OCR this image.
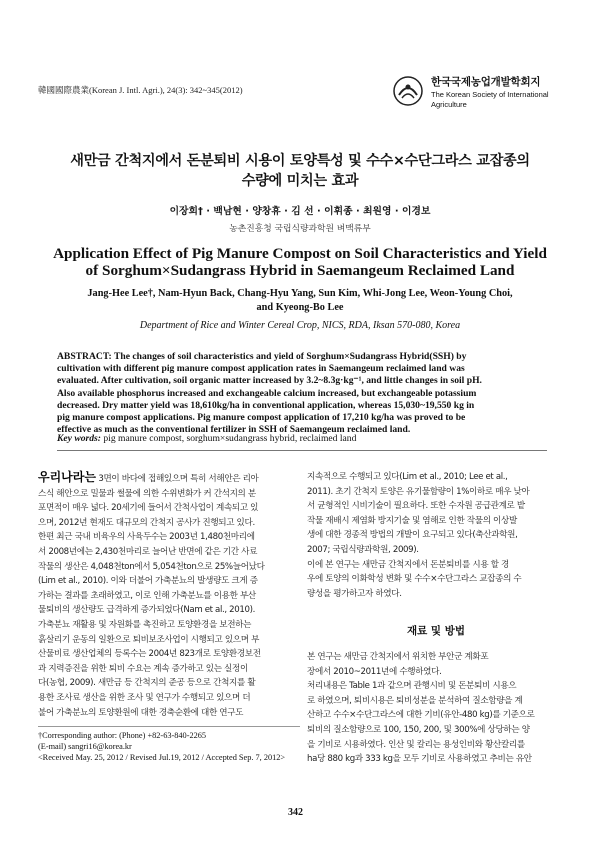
韓國國際農業(Korean J. Intl. Agri.), 24(3): 342~345(2012)
한국국제농업개발학회지
The Korean Society of International
Agriculture
새만금 간척지에서 돈분퇴비 시용이 토양특성 및 수수×수단그라스 교잡종의
수량에 미치는 효과
이장희† · 백남현 · 양창휴 · 김 선 · 이휘종 · 최원영 · 이경보
농촌진흥청 국립식량과학원 벼맥류부
Application Effect of Pig Manure Compost on Soil Characteristics and Yield
of Sorghum×Sudangrass Hybrid in Saemangeum Reclaimed Land
Jang-Hee Lee†, Nam-Hyun Back, Chang-Hyu Yang, Sun Kim, Whi-Jong Lee, Weon-Young Choi,
and Kyeong-Bo Lee
Department of Rice and Winter Cereal Crop, NICS, RDA, Iksan 570-080, Korea
ABSTRACT: The changes of soil characteristics and yield of Sorghum×Sudangrass Hybrid(SSH) by
cultivation with different pig manure compost application rates in Saemangeum reclaimed land was
evaluated. After cultivation, soil organic matter increased by 3.2~8.3g·kg⁻¹, and little changes in soil pH.
Also available phosphorus increased and exchangeable calcium increased, but exchangeable potassium
decreased. Dry matter yield was 18,610kg/ha in conventional application, whereas 15,030~19,550 kg in
pig manure compost applications. Pig manure compost application of 17,210 kg/ha was proved to be
effective as much as the conventional fertilizer in SSH of Saemangeum reclaimed land.
Key words: pig manure compost, sorghum×sudangrass hybrid, reclaimed land
우리나라는 3면이 바다에 접해있으며 특히 서해안은 리아
스식 해안으로 밀물과 썰물에 의한 수위변화가 커 간석지의 분
포면적이 매우 넓다. 20세기에 들어서 간척사업이 계속되고 있
으며, 2012년 현재도 대규모의 간척지 공사가 진행되고 있다.
한편 최근 국내 비육우의 사육두수는 2003년 1,480천마리에
서 2008년에는 2,430천마리로 늘어난 반면에 같은 기간 사료
작물의 생산은 4,048천ton에서 5,054천ton으로 25%늘어났다
(Lim et al., 2010). 이와 더불어 가축분뇨의 발생량도 크게 증
가하는 결과를 초래하였고, 이로 인해 가축분뇨를 이용한 부산
물퇴비의 생산량도 급격하게 증가되었다(Nam et al., 2010).
가축분뇨 재활용 및 자원화를 촉진하고 토양환경을 보전하는
흙살리기 운동의 일환으로 퇴비보조사업이 시행되고 있으며 부
산물비료 생산업체의 등록수는 2004년 823개로 토양환경보전
과 지력증진을 위한 퇴비 수요는 계속 증가하고 있는 실정이
다(농협, 2009). 새만금 등 간척지의 준공 등으로 간척지를 활
용한 조사료 생산을 위한 조사 및 연구가 수행되고 있으며 더
불어 가축분뇨의 토양환원에 대한 경축순환에 대한 연구도
†Corresponding author: (Phone) +82-63-840-2265
(E-mail) sangri16@korea.kr
<Received May. 25, 2012 / Revised Jul.19, 2012 / Accepted Sep. 7, 2012>
지속적으로 수행되고 있다(Lim et al., 2010; Lee et al.,
2011). 초기 간척지 토양은 유기물함량이 1%이하로 매우 낮아
서 균형적인 시비기술이 필요하다. 또한 수자원 공급관계로 밭
작물 재배시 제염화 방지기술 및 염해로 인한 작물의 이상발
생에 대한 경종적 방법의 개발이 요구되고 있다(축산과학원,
2007; 국립식량과학원, 2009).
이에 본 연구는 새만금 간척지에서 돈분퇴비를 시용 할 경
우에 토양의 이화학성 변화 및 수수×수단그라스 교잡종의 수
량성을 평가하고자 하였다.
재료 및 방법
본 연구는 새만금 간척지에서 위치한 부안군 계화포
장에서 2010~2011년에 수행하였다.
처리내용은 Table 1과 같으며 관행시비 및 돈분퇴비 시용으
로 하였으며, 퇴비시용은 퇴비성분을 분석하여 질소함량을 계
산하고 수수×수단그라스에 대한 기비(유안-480 kg)를 기준으로
퇴비의 질소함량으로 100, 150, 200, 및 300%에 상당하는 양
을 기비로 시용하였다. 인산 및 칼리는 용성인비와 황산칼리를
ha당 880 kg과 333 kg을 모두 기비로 사용하였고 추비는 유안
342
